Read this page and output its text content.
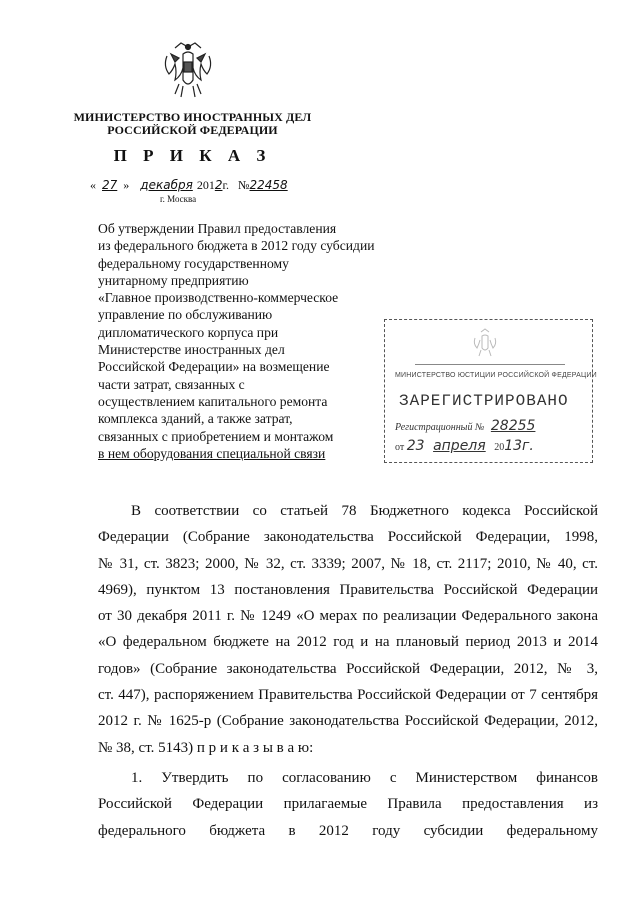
МИНИСТЕРСТВО ИНОСТРАННЫХ ДЕЛ
РОССИЙСКОЙ ФЕДЕРАЦИИ
П Р И К А З
« 27 » декабря 2012г. №22458
г. Москва
Об утверждении Правил предоставления
из федерального бюджета в 2012 году субсидии
федеральному государственному
унитарному предприятию
«Главное производственно-коммерческое
управление по обслуживанию
дипломатического корпуса при
Министерстве иностранных дел
Российской Федерации» на возмещение
части затрат, связанных с
осуществлением капитального ремонта
комплекса зданий, а также затрат,
связанных с приобретением и монтажом
в нем оборудования специальной связи
МИНИСТЕРСТВО ЮСТИЦИИ РОССИЙСКОЙ ФЕДЕРАЦИИ
ЗАРЕГИСТРИРОВАНО
Регистрационный № 28255
от 23 апреля 2013г.
В соответствии со статьей 78 Бюджетного кодекса Российской
Федерации (Собрание законодательства Российской Федерации, 1998,
№ 31, ст. 3823; 2000, № 32, ст. 3339; 2007, № 18, ст. 2117; 2010, № 40, ст.
4969), пунктом 13 постановления Правительства Российской Федерации
от 30 декабря 2011 г. № 1249 «О мерах по реализации Федерального закона
«О федеральном бюджете на 2012 год и на плановый период 2013 и 2014
годов» (Собрание законодательства Российской Федерации, 2012, № 3,
ст. 447), распоряжением Правительства Российской Федерации от 7 сентября
2012 г. № 1625-р (Собрание законодательства Российской Федерации, 2012,
№ 38, ст. 5143) п р и к а з ы в а ю:
1. Утвердить по согласованию с Министерством финансов
Российской Федерации прилагаемые Правила предоставления из
федерального бюджета в 2012 году субсидии федеральному
